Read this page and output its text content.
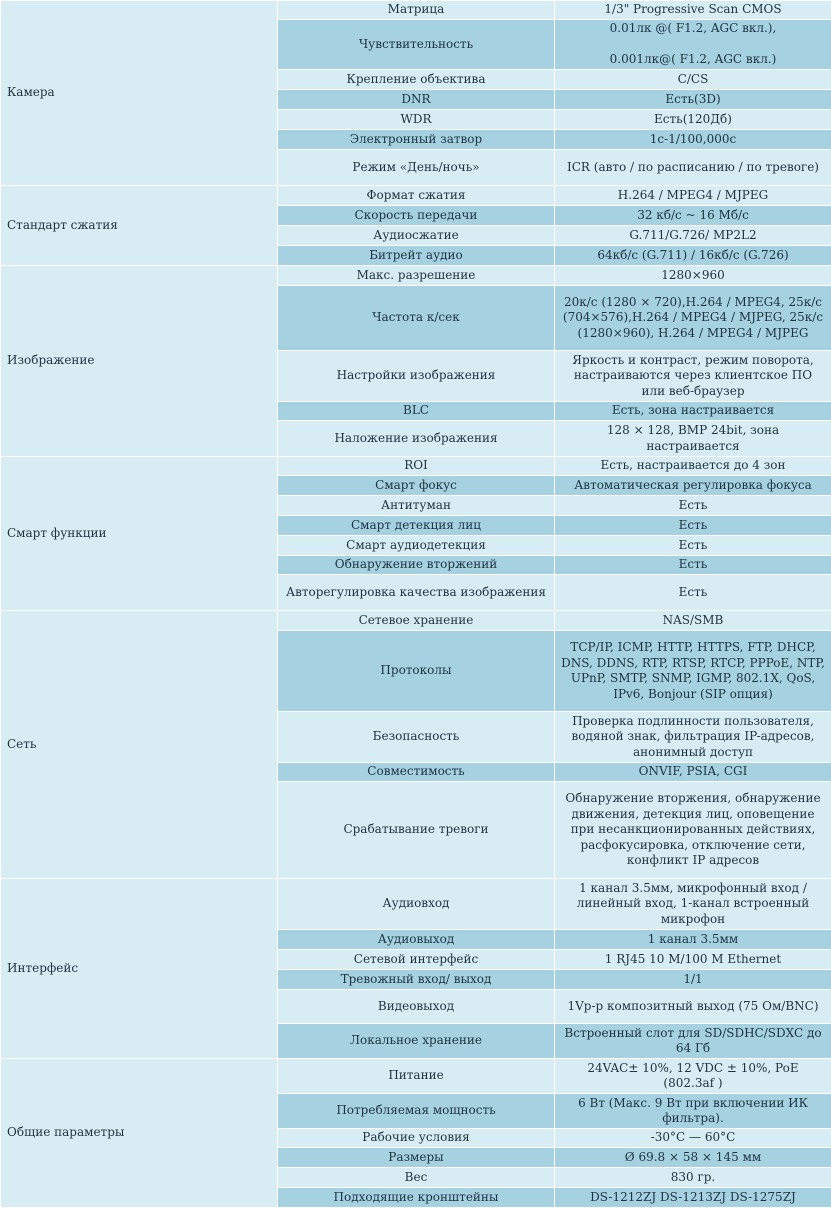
Камера	Матрица	1/3" Progressive Scan CMOS
	Чувствительность	0.01лк @( F1.2, AGC вкл.),

0.001лк@( F1.2, AGC вкл.)
	Крепление объектива	C/CS
	DNR	Есть(3D)
	WDR	Есть(120Дб)
	Электронный затвор	1с-1/100,000с
	Режим «День/ночь»	ICR (авто / по расписанию / по тревоге)
Стандарт сжатия	Формат сжатия	H.264 / MPEG4 / MJPEG
	Скорость передачи	32 кб/с ~ 16 Мб/с
	Аудиосжатие	G.711/G.726/ MP2L2
	Битрейт аудио	64кб/с (G.711) / 16кб/с (G.726)
Изображение	Макс. разрешение	1280×960
	Частота к/сек	20к/с (1280 × 720),H.264 / MPEG4, 25к/с (704×576),H.264 / MPEG4 / MJPEG, 25к/с (1280×960), H.264 / MPEG4 / MJPEG
	Настройки изображения	Яркость и контраст, режим поворота, настраиваются через клиентское ПО или веб-браузер
	BLC	Есть, зона настраивается
	Наложение изображения	128 × 128, BMP 24bit, зона настраивается
Смарт функции	ROI	Есть, настраивается до 4 зон
	Смарт фокус	Автоматическая регулировка фокуса
	Антитуман	Есть
	Смарт детекция лиц	Есть
	Смарт аудиодетекция	Есть
	Обнаружение вторжений	Есть
	Авторегулировка качества изображения	Есть
Сеть	Сетевое хранение	NAS/SMB
	Протоколы	TCP/IP, ICMP, HTTP, HTTPS, FTP, DHCP, DNS, DDNS, RTP, RTSP, RTCP, PPPoE, NTP, UPnP, SMTP, SNMP, IGMP, 802.1X, QoS, IPv6, Bonjour (SIP опция)
	Безопасность	Проверка подлинности пользователя, водяной знак, фильтрация IP-адресов, анонимный доступ
	Совместимость	ONVIF, PSIA, CGI
	Срабатывание тревоги	Обнаружение вторжения, обнаружение движения, детекция лиц, оповещение при несанкционированных действиях, расфокусировка, отключение сети, конфликт IP адресов
Интерфейс	Аудиовход	1 канал 3.5мм, микрофонный вход / линейный вход, 1-канал встроенный микрофон
	Аудиовыход	1 канал 3.5мм
	Сетевой интерфейс	1 RJ45 10 M/100 M Ethernet
	Тревожный вход/ выход	1/1
	Видеовыход	1Vp-p композитный выход (75 Ом/BNC)
	Локальное хранение	Встроенный слот для SD/SDHC/SDXC до 64 Гб
Общие параметры	Питание	24VAC± 10%, 12 VDC ± 10%, PoE (802.3af )
	Потребляемая мощность	6 Вт (Макс. 9 Вт при включении ИК фильтра).
	Рабочие условия	-30°C — 60°C
	Размеры	Ø 69.8 × 58 × 145 мм
	Вес	830 гр.
	Подходящие кронштейны	DS-1212ZJ DS-1213ZJ DS-1275ZJ
